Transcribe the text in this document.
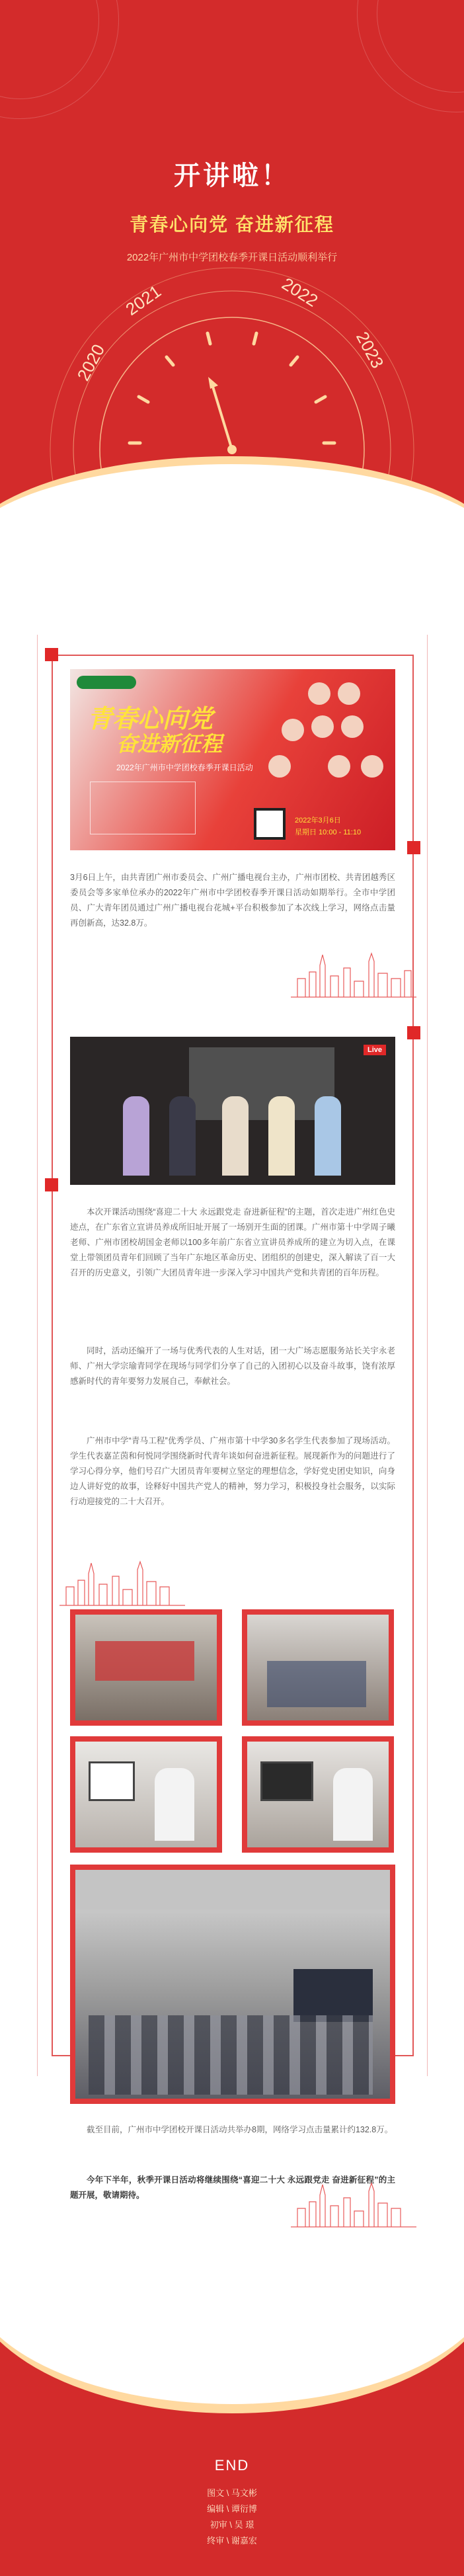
开讲啦！
青春心向党 奋进新征程
2022年广州市中学团校春季开课日活动顺利举行
2020
2021	2022
2023
青春心向党
奋进新征程
2022年广州市中学团校春季开课日活动
2022年3月6日
星期日 10:00 - 11:10
3月6日上午，由共青团广州市委员会、广州广播电视台主办，广州市团校、共青团越秀区委员会等多家单位承办的2022年广州市中学团校春季开课日活动如期举行。全市中学团员、广大青年团员通过广州广播电视台花城+平台积极参加了本次线上学习，网络点击量再创新高，达32.8万。
Live
本次开课活动围绕“喜迎二十大 永远跟党走 奋进新征程”的主题，首次走进广州红色史迹点，在广东省立宣讲员养成所旧址开展了一场别开生面的团课。广州市第十中学周子曦老师、广州市团校胡国金老师以100多年前广东省立宣讲员养成所的建立为切入点，在课堂上带领团员青年们回顾了当年广东地区革命历史、团组织的创建史，深入解读了百一大召开的历史意义，引领广大团员青年进一步深入学习中国共产党和共青团的百年历程。
同时，活动还编开了一场与优秀代表的人生对话，团一大广场志愿服务站长关宇永老师、广州大学宗瑜青同学在现场与同学们分享了自己的入团初心以及奋斗故事，饶有浓厚感新时代的青年要努力发展自己，奉献社会。
广州市中学“青马工程”优秀学员、广州市第十中学30多名学生代表参加了现场活动。学生代表嘉芷茵和何悦同学围绕新时代青年谈如何奋进新征程。展现新作为的问题进行了学习心得分享，他们号召广大团员青年要树立坚定的理想信念，学好党史团史知识，向身边人讲好党的故事，诠释好中国共产党人的精神，努力学习，积极投身社会服务，以实际行动迎接党的二十大召开。
截至目前，广州市中学团校开课日活动共举办8期，网络学习点击量累计约132.8万。
今年下半年，秋季开课日活动将继续围绕“喜迎二十大 永远跟党走 奋进新征程”的主题开展，敬请期待。
END
图文 \ 马文彬
编辑 \ 谭衍博
初审 \ 吴 璟
终审 \ 谢嘉宏
